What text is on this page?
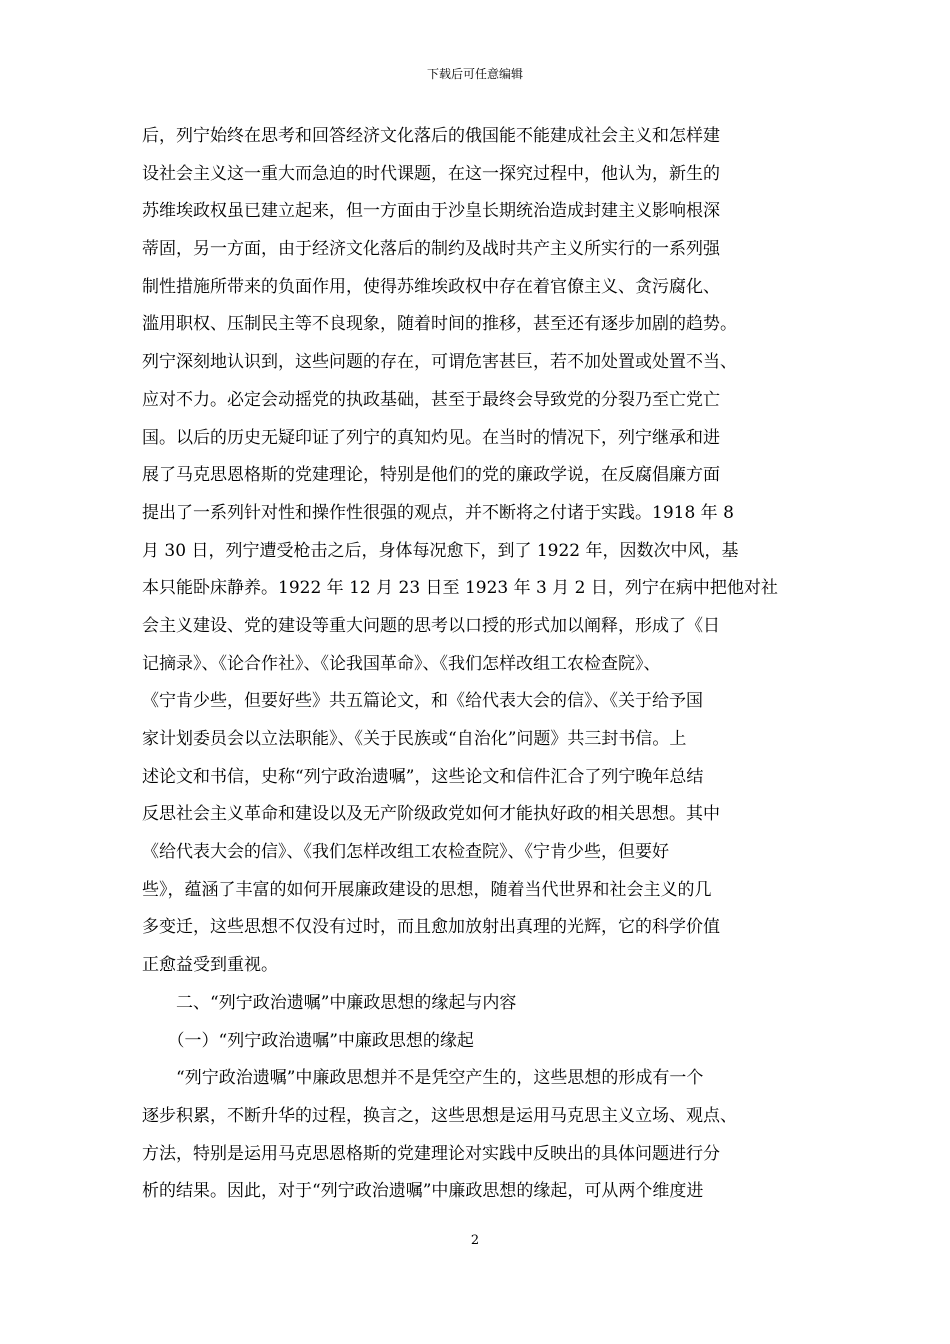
下载后可任意编辑
后，列宁始终在思考和回答经济文化落后的俄国能不能建成社会主义和怎样建
设社会主义这一重大而急迫的时代课题，在这一探究过程中，他认为，新生的
苏维埃政权虽已建立起来，但一方面由于沙皇长期统治造成封建主义影响根深
蒂固，另一方面，由于经济文化落后的制约及战时共产主义所实行的一系列强
制性措施所带来的负面作用，使得苏维埃政权中存在着官僚主义、贪污腐化、
滥用职权、压制民主等不良现象，随着时间的推移，甚至还有逐步加剧的趋势。
列宁深刻地认识到，这些问题的存在，可谓危害甚巨，若不加处置或处置不当、
应对不力。必定会动摇党的执政基础，甚至于最终会导致党的分裂乃至亡党亡
国。以后的历史无疑印证了列宁的真知灼见。在当时的情况下，列宁继承和进
展了马克思恩格斯的党建理论，特别是他们的党的廉政学说，在反腐倡廉方面
提出了一系列针对性和操作性很强的观点，并不断将之付诸于实践。1918 年 8
月 30 日，列宁遭受枪击之后，身体每况愈下，到了 1922 年，因数次中风，基
本只能卧床静养。1922 年 12 月 23 日至 1923 年 3 月 2 日，列宁在病中把他对社
会主义建设、党的建设等重大问题的思考以口授的形式加以阐释，形成了《日
记摘录》、《论合作社》、《论我国革命》、《我们怎样改组工农检查院》、
《宁肯少些，但要好些》共五篇论文，和《给代表大会的信》、《关于给予国
家计划委员会以立法职能》、《关于民族或“自治化”问题》共三封书信。上
述论文和书信，史称“列宁政治遗嘱”，这些论文和信件汇合了列宁晚年总结
反思社会主义革命和建设以及无产阶级政党如何才能执好政的相关思想。其中
《给代表大会的信》、《我们怎样改组工农检查院》、《宁肯少些，但要好
些》，蕴涵了丰富的如何开展廉政建设的思想，随着当代世界和社会主义的几
多变迁，这些思想不仅没有过时，而且愈加放射出真理的光辉，它的科学价值
正愈益受到重视。
　　二、“列宁政治遗嘱”中廉政思想的缘起与内容
　　（一）“列宁政治遗嘱”中廉政思想的缘起
　　“列宁政治遗嘱”中廉政思想并不是凭空产生的，这些思想的形成有一个
逐步积累，不断升华的过程，换言之，这些思想是运用马克思主义立场、观点、
方法，特别是运用马克思恩格斯的党建理论对实践中反映出的具体问题进行分
析的结果。因此，对于“列宁政治遗嘱”中廉政思想的缘起，可从两个维度进
2
